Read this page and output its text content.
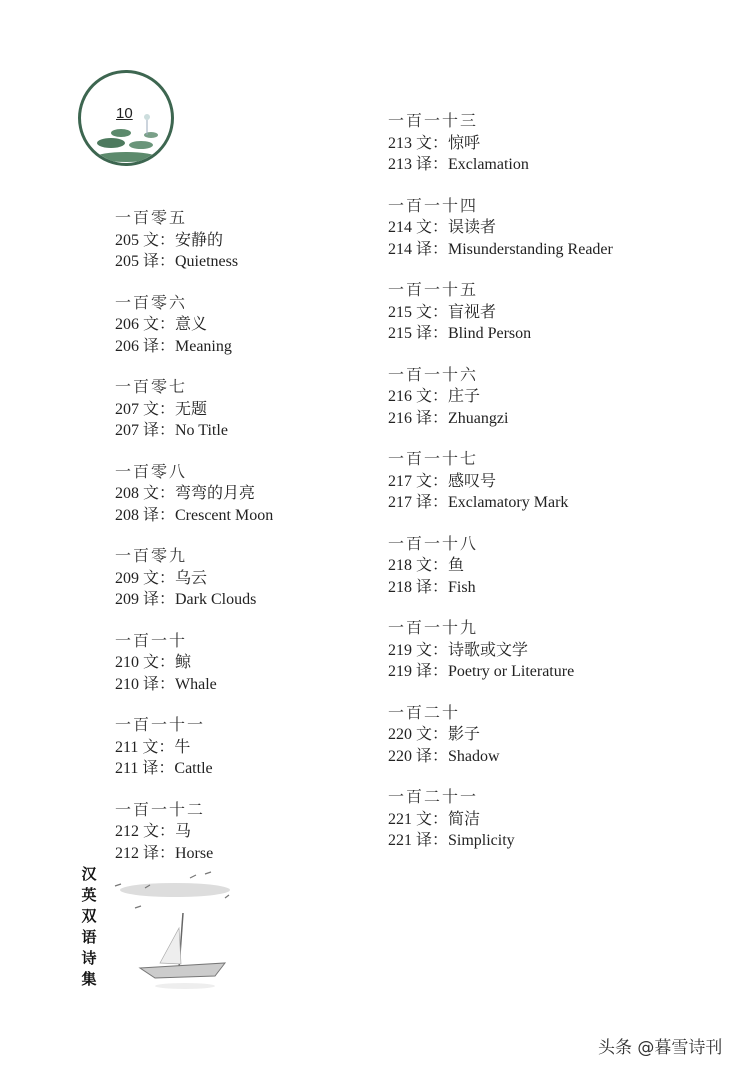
10
一百零五
205 文：安静的
205 译：Quietness
一百零六
206 文：意义
206 译：Meaning
一百零七
207 文：无题
207 译：No Title
一百零八
208 文：弯弯的月亮
208 译：Crescent Moon
一百零九
209 文：乌云
209 译：Dark Clouds
一百一十
210 文：鲸
210 译：Whale
一百一十一
211 文：牛
211 译：Cattle
一百一十二
212 文：马
212 译：Horse
一百一十三
213 文：惊呼
213 译：Exclamation
一百一十四
214 文：误读者
214 译：Misunderstanding Reader
一百一十五
215 文：盲视者
215 译：Blind Person
一百一十六
216 文：庄子
216 译：Zhuangzi
一百一十七
217 文：感叹号
217 译：Exclamatory Mark
一百一十八
218 文：鱼
218 译：Fish
一百一十九
219 文：诗歌或文学
219 译：Poetry or Literature
一百二十
220 文：影子
220 译：Shadow
一百二十一
221 文：简洁
221 译：Simplicity
汉
英
双
语
诗
集
头条 @暮雪诗刊
